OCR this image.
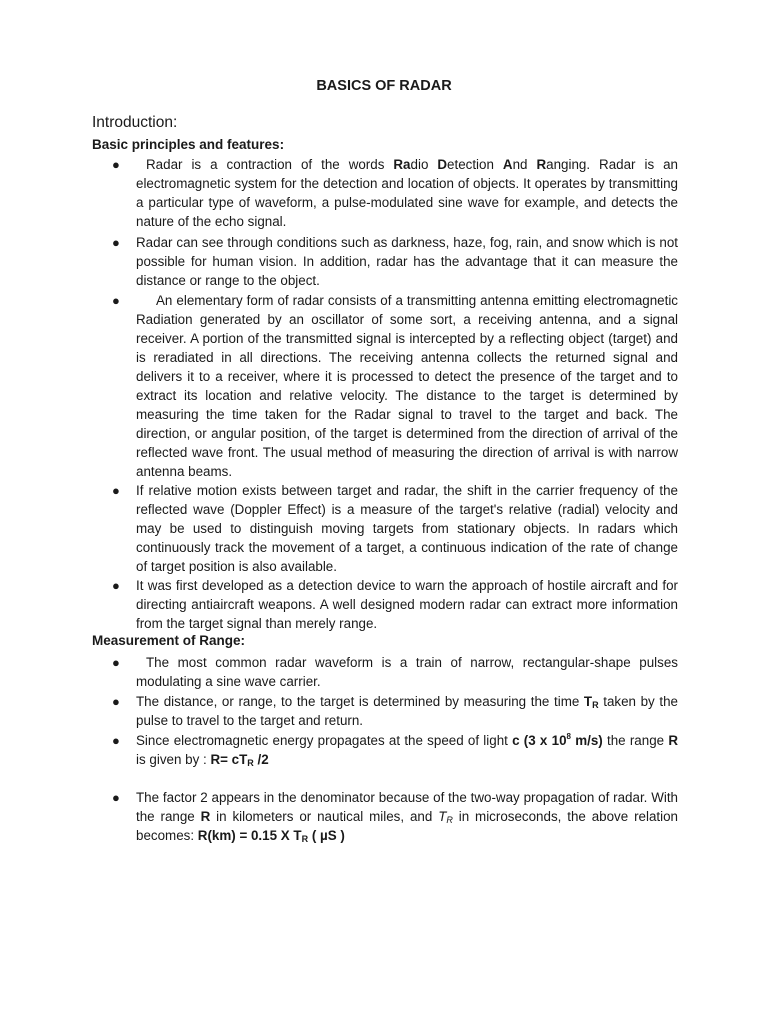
BASICS OF RADAR
Introduction:
Basic principles and features:
●	Radar is a contraction of the words Radio Detection And Ranging. Radar is an electromagnetic system for the detection and location of objects. It operates by transmitting a particular type of waveform, a pulse-modulated sine wave for example, and detects the nature of the echo signal.
● Radar can see through conditions such as darkness, haze, fog, rain, and snow which is not possible for human vision. In addition, radar has the advantage that it can measure the distance or range to the object.
●	An elementary form of radar consists of a transmitting antenna emitting electromagnetic Radiation generated by an oscillator of some sort, a receiving antenna, and a signal receiver. A portion of the transmitted signal is intercepted by a reflecting object (target) and is reradiated in all directions. The receiving antenna collects the returned signal and delivers it to a receiver, where it is processed to detect the presence of the target and to extract its location and relative velocity. The distance to the target is determined by measuring the time taken for the Radar signal to travel to the target and back. The direction, or angular position, of the target is determined from the direction of arrival of the reflected wave front. The usual method of measuring the direction of arrival is with narrow antenna beams.
● If relative motion exists between target and radar, the shift in the carrier frequency of the reflected wave (Doppler Effect) is a measure of the target's relative (radial) velocity and may be used to distinguish moving targets from stationary objects. In radars which continuously track the movement of a target, a continuous indication of the rate of change of target position is also available.
● It was first developed as a detection device to warn the approach of hostile aircraft and for directing antiaircraft weapons. A well designed modern radar can extract more information from the target signal than merely range.
Measurement of Range:
●	The most common radar waveform is a train of narrow, rectangular-shape pulses modulating a sine wave carrier.
● The distance, or range, to the target is determined by measuring the time $T_R$ taken by the pulse to travel to the target and return.
● Since electromagnetic energy propagates at the speed of light c (3 x $10^8$ m/s) the range R is given by : $R= cT_R$ /2
● The factor 2 appears in the denominator because of the two-way propagation of radar. With the range R in kilometers or nautical miles, and $T_R$ in microseconds, the above relation becomes: R(km) = 0.15 X $T_R$ ( µS )
